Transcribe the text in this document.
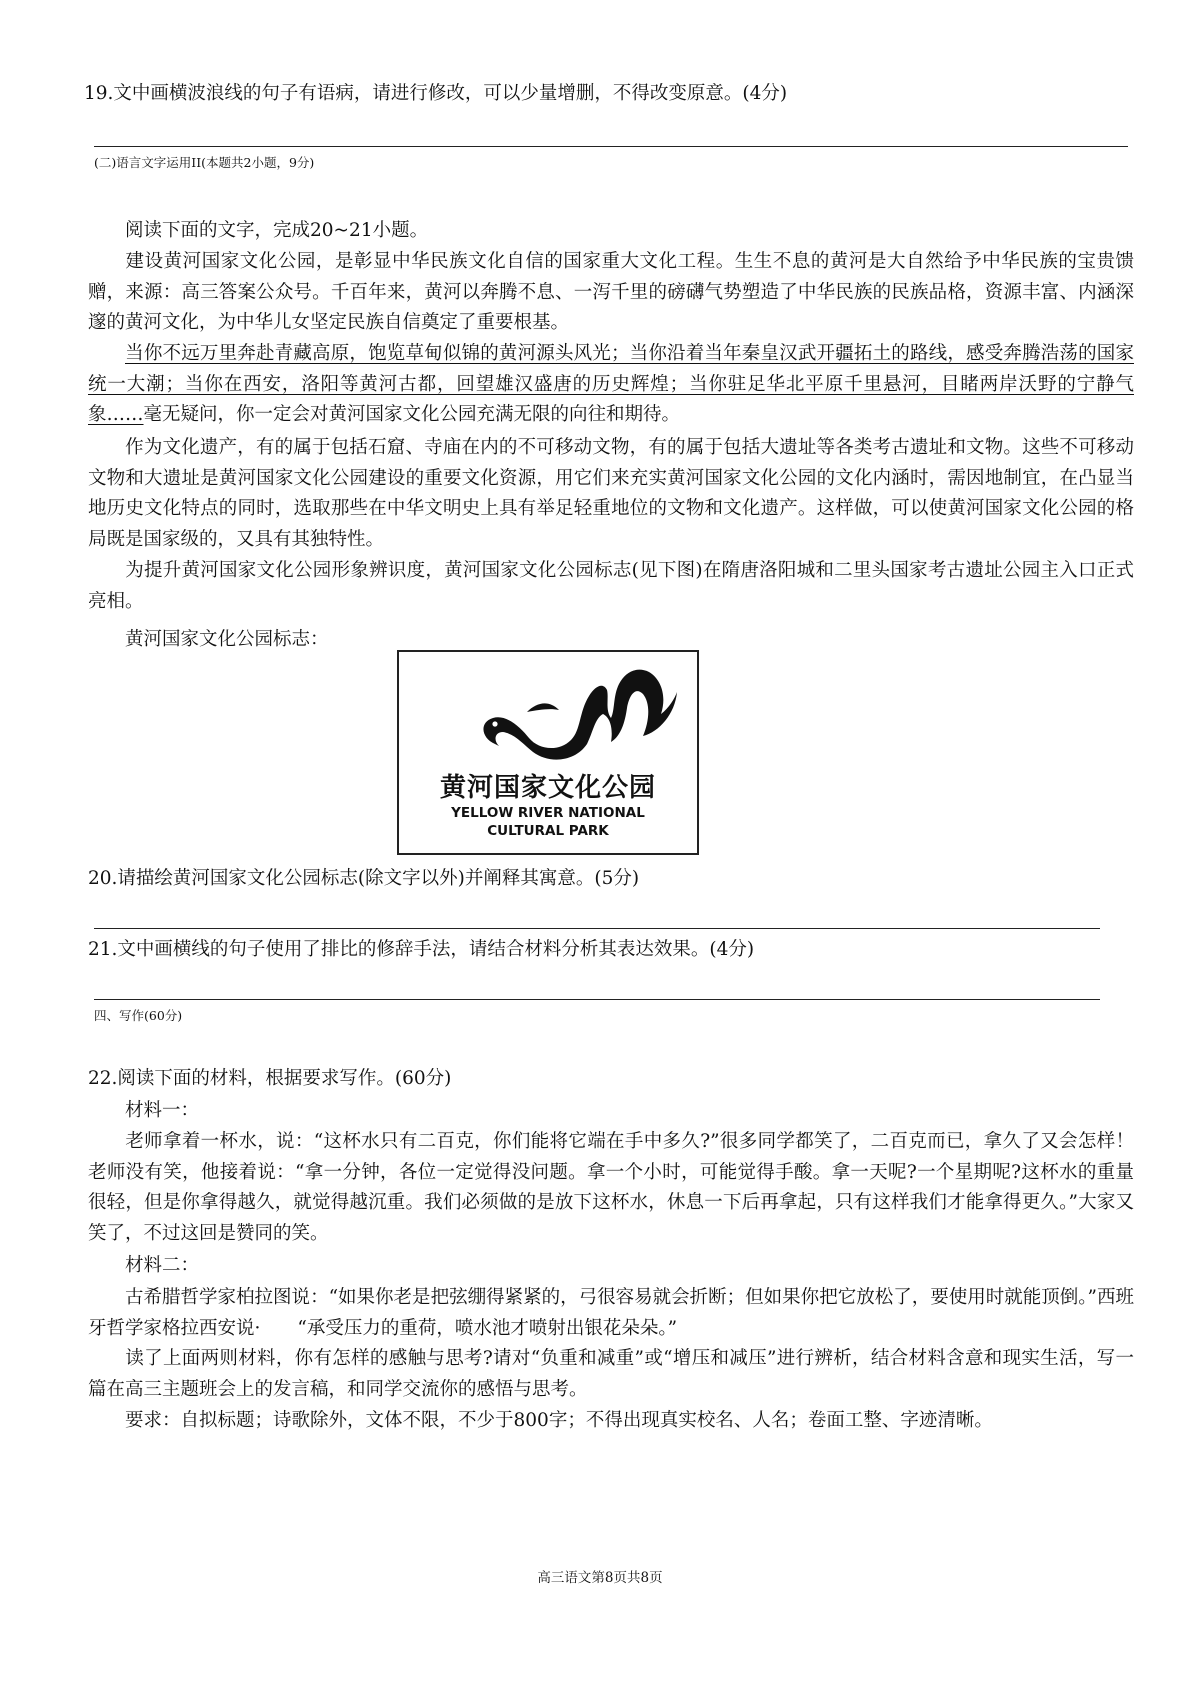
19.文中画横波浪线的句子有语病，请进行修改，可以少量增删，不得改变原意。(4分)
(二)语言文字运用II(本题共2小题，9分)
阅读下面的文字，完成20~21小题。
建设黄河国家文化公园，是彰显中华民族文化自信的国家重大文化工程。生生不息的黄河是大自然给予中华民族的宝贵馈赠，来源：高三答案公众号。千百年来，黄河以奔腾不息、一泻千里的磅礴气势塑造了中华民族的民族品格，资源丰富、内涵深邃的黄河文化，为中华儿女坚定民族自信奠定了重要根基。
当你不远万里奔赴青藏高原，饱览草甸似锦的黄河源头风光；当你沿着当年秦皇汉武开疆拓土的路线，感受奔腾浩荡的国家统一大潮；当你在西安，洛阳等黄河古都，回望雄汉盛唐的历史辉煌；当你驻足华北平原千里悬河，目睹两岸沃野的宁静气象……毫无疑问，你一定会对黄河国家文化公园充满无限的向往和期待。
作为文化遗产，有的属于包括石窟、寺庙在内的不可移动文物，有的属于包括大遗址等各类考古遗址和文物。这些不可移动文物和大遗址是黄河国家文化公园建设的重要文化资源，用它们来充实黄河国家文化公园的文化内涵时，需因地制宜，在凸显当地历史文化特点的同时，选取那些在中华文明史上具有举足轻重地位的文物和文化遗产。这样做，可以使黄河国家文化公园的格局既是国家级的，又具有其独特性。
为提升黄河国家文化公园形象辨识度，黄河国家文化公园标志(见下图)在隋唐洛阳城和二里头国家考古遗址公园主入口正式亮相。
黄河国家文化公园标志：
黄河国家文化公园
YELLOW RIVER NATIONAL
CULTURAL PARK
20.请描绘黄河国家文化公园标志(除文字以外)并阐释其寓意。(5分)
21.文中画横线的句子使用了排比的修辞手法，请结合材料分析其表达效果。(4分)
四、写作(60分)
22.阅读下面的材料，根据要求写作。(60分)
材料一：
老师拿着一杯水，说：“这杯水只有二百克，你们能将它端在手中多久?”很多同学都笑了，二百克而已，拿久了又会怎样！老师没有笑，他接着说：“拿一分钟，各位一定觉得没问题。拿一个小时，可能觉得手酸。拿一天呢?一个星期呢?这杯水的重量很轻，但是你拿得越久，就觉得越沉重。我们必须做的是放下这杯水，休息一下后再拿起，只有这样我们才能拿得更久。”大家又笑了，不过这回是赞同的笑。
材料二：
古希腊哲学家柏拉图说：“如果你老是把弦绷得紧紧的，弓很容易就会折断；但如果你把它放松了，要使用时就能顶倒。”西班牙哲学家格拉西安说·　　“承受压力的重荷，喷水池才喷射出银花朵朵。”
读了上面两则材料，你有怎样的感触与思考?请对“负重和减重”或“增压和减压”进行辨析，结合材料含意和现实生活，写一篇在高三主题班会上的发言稿，和同学交流你的感悟与思考。
要求：自拟标题；诗歌除外，文体不限，不少于800字；不得出现真实校名、人名；卷面工整、字迹清晰。
高三语文第8页共8页
